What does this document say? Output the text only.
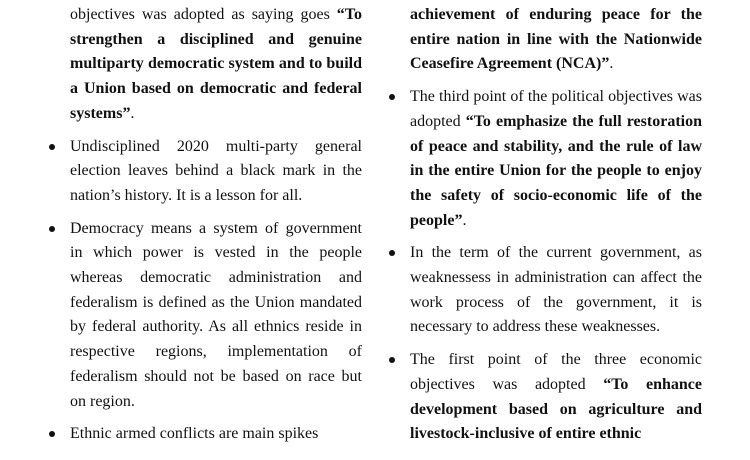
objectives was adopted as saying goes “To strengthen a disciplined and genuine multiparty democratic system and to build a Union based on democratic and federal systems”.

Undisciplined 2020 multi-party general election leaves behind a black mark in the nation’s history. It is a lesson for all.

Democracy means a system of government in which power is vested in the people whereas democratic administration and federalism is defined as the Union mandated by federal authority. As all ethnics reside in respective regions, implementation of federalism should not be based on race but on region.

Ethnic armed conflicts are main spikes

achievement of enduring peace for the entire nation in line with the Nationwide Ceasefire Agreement (NCA)”.

The third point of the political objectives was adopted “To emphasize the full restoration of peace and stability, and the rule of law in the entire Union for the people to enjoy the safety of socio-economic life of the people”.

In the term of the current government, as weaknessess in administration can affect the work process of the government, it is necessary to address these weaknesses.

The first point of the three economic objectives was adopted “To enhance development based on agriculture and livestock-inclusive of entire ethnic
